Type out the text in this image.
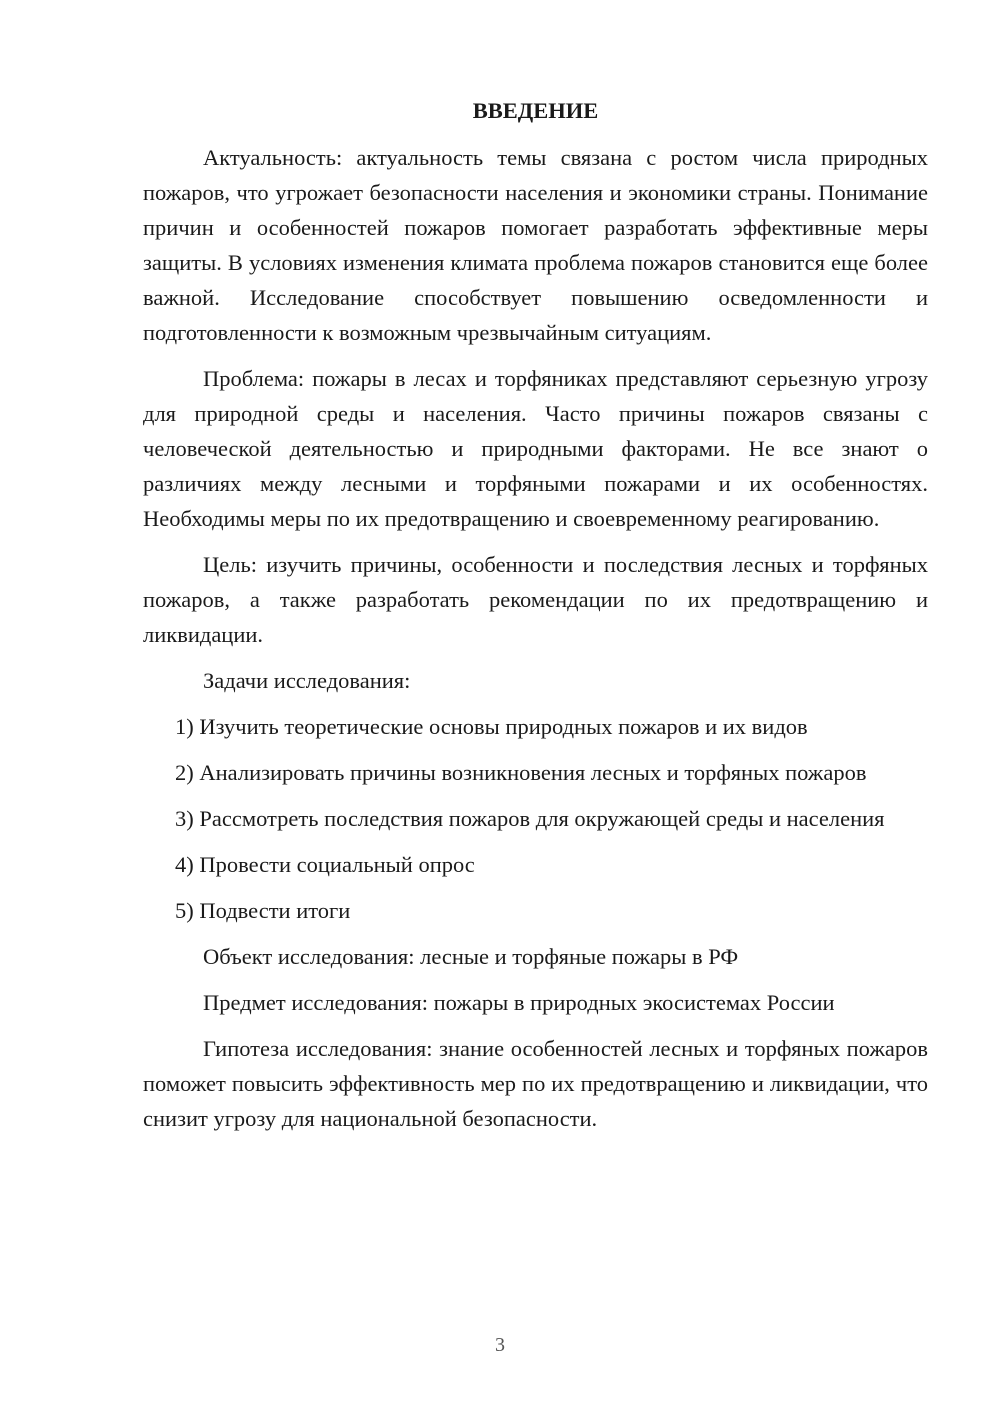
ВВЕДЕНИЕ

Актуальность: актуальность темы связана с ростом числа природных пожаров, что угрожает безопасности населения и экономики страны. Понимание причин и особенностей пожаров помогает разработать эффективные меры защиты. В условиях изменения климата проблема пожаров становится еще более важной. Исследование способствует повышению осведомленности и подготовленности к возможным чрезвычайным ситуациям.

Проблема: пожары в лесах и торфяниках представляют серьезную угрозу для природной среды и населения. Часто причины пожаров связаны с человеческой деятельностью и природными факторами. Не все знают о различиях между лесными и торфяными пожарами и их особенностях. Необходимы меры по их предотвращению и своевременному реагированию.

Цель: изучить причины, особенности и последствия лесных и торфяных пожаров, а также разработать рекомендации по их предотвращению и ликвидации.

Задачи исследования:

1) Изучить теоретические основы природных пожаров и их видов

2) Анализировать причины возникновения лесных и торфяных пожаров

3) Рассмотреть последствия пожаров для окружающей среды и населения

4) Провести социальный опрос

5) Подвести итоги

Объект исследования: лесные и торфяные пожары в РФ

Предмет исследования: пожары в природных экосистемах России

Гипотеза исследования: знание особенностей лесных и торфяных пожаров поможет повысить эффективность мер по их предотвращению и ликвидации, что снизит угрозу для национальной безопасности.

3
